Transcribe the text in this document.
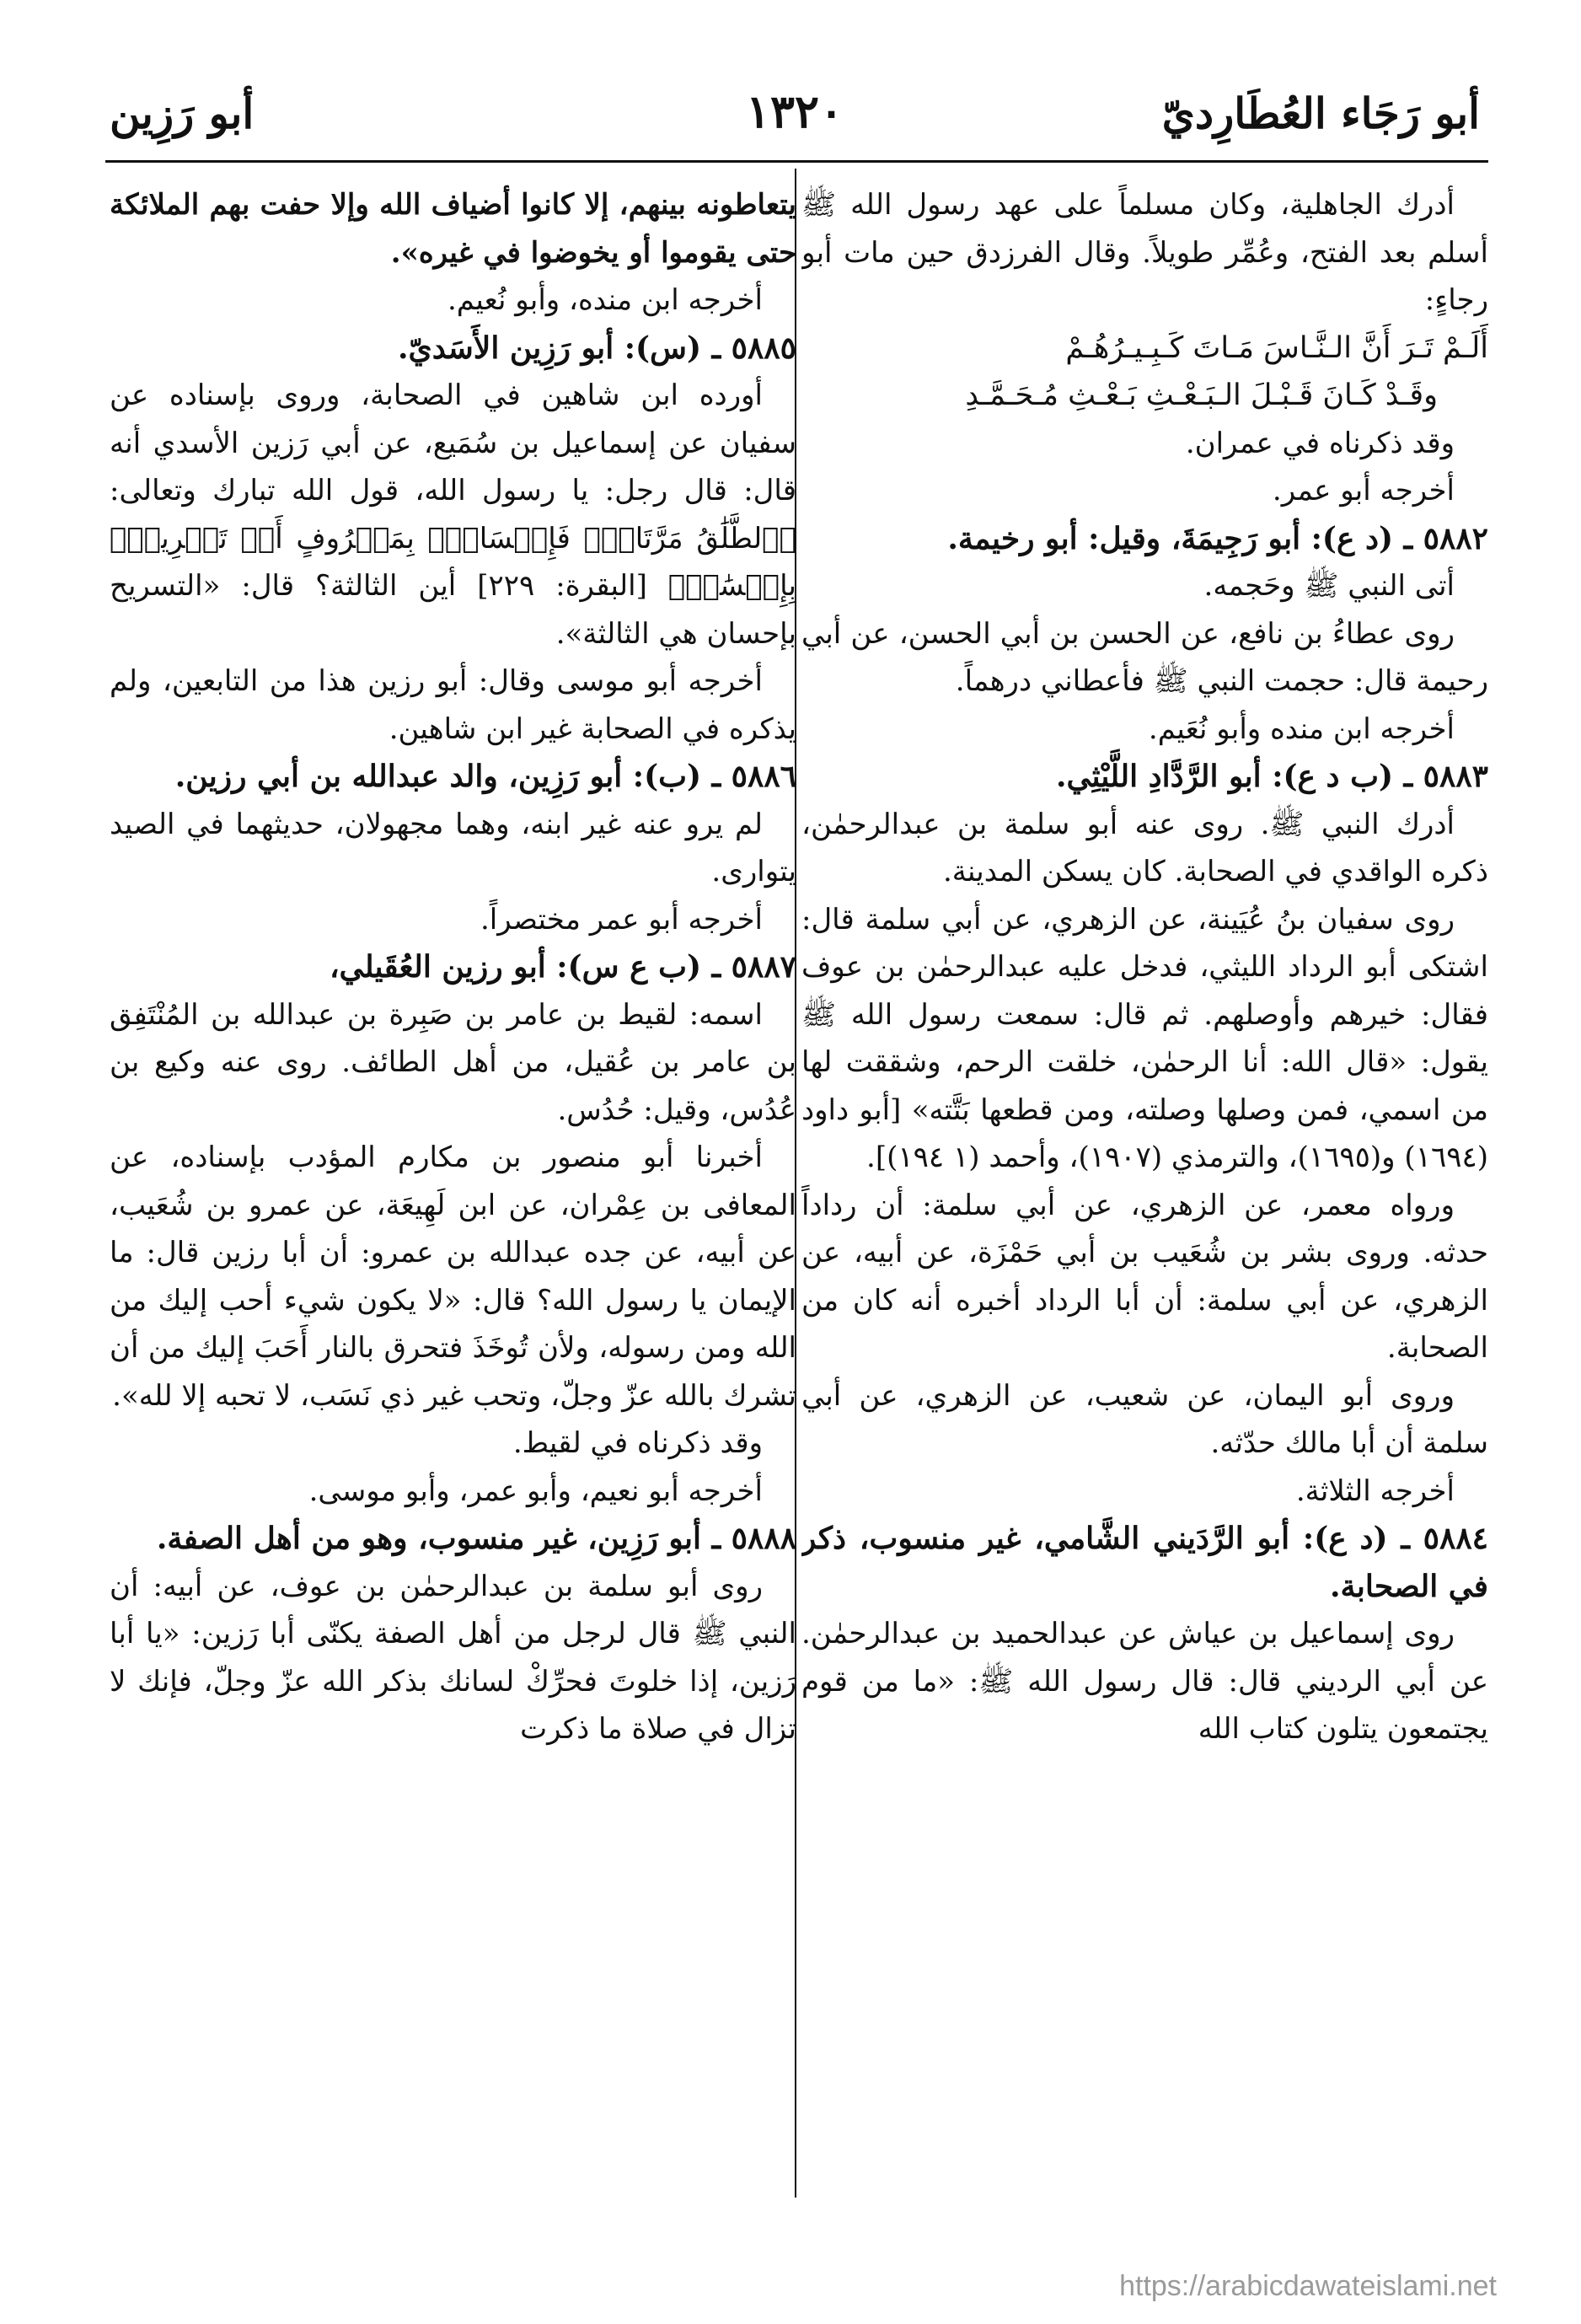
أبو رَجَاء العُطَارِديّ
١٣٢٠
أبو رَزِين

أدرك الجاهلية، وكان مسلماً على عهد رسول الله ﷺ أسلم بعد الفتح، وعُمِّر طويلاً. وقال الفرزدق حين مات أبو رجاءٍ:

أَلَـمْ تَـرَ أَنَّ الـنَّـاسَ مَـاتَ كَـبِـيـرُهُـمْ
وقَـدْ كَـانَ قَـبْـلَ الـبَـعْـثِ بَـعْـثِ مُـحَـمَّـدِ

وقد ذكرناه في عمران.

أخرجه أبو عمر.

٥٨٨٢ ـ (د ع): أبو رَجِيمَةَ، وقيل: أبو رخيمة.

أتى النبي ﷺ وحَجمه.

روى عطاءُ بن نافع، عن الحسن بن أبي الحسن، عن أبي رحيمة قال: حجمت النبي ﷺ فأعطاني درهماً.

أخرجه ابن منده وأبو نُعَيم.

٥٨٨٣ ـ (ب د ع): أبو الرَّدَّادِ اللَّيْثِي.

أدرك النبي ﷺ. روى عنه أبو سلمة بن عبدالرحمٰن، ذكره الواقدي في الصحابة. كان يسكن المدينة.

روى سفيان بنُ عُيَينة، عن الزهري، عن أبي سلمة قال: اشتكى أبو الرداد الليثي، فدخل عليه عبدالرحمٰن بن عوف فقال: خيرهم وأوصلهم. ثم قال: سمعت رسول الله ﷺ يقول: «قال الله: أنا الرحمٰن، خلقت الرحم، وشققت لها من اسمي، فمن وصلها وصلته، ومن قطعها بَتَّته» [أبو داود (١٦٩٤) و(١٦٩٥)، والترمذي (١٩٠٧)، وأحمد (١ ١٩٤)].

ورواه معمر، عن الزهري، عن أبي سلمة: أن رداداً حدثه. وروى بشر بن شُعَيب بن أبي حَمْزَة، عن أبيه، عن الزهري، عن أبي سلمة: أن أبا الرداد أخبره أنه كان من الصحابة.

وروى أبو اليمان، عن شعيب، عن الزهري، عن أبي سلمة أن أبا مالك حدّثه.

أخرجه الثلاثة.

٥٨٨٤ ـ (د ع): أبو الرَّدَيني الشَّامي، غير منسوب، ذكر في الصحابة.

روى إسماعيل بن عياش عن عبدالحميد بن عبدالرحمٰن. عن أبي الرديني قال: قال رسول الله ﷺ: «ما من قوم يجتمعون يتلون كتاب الله

يتعاطونه بينهم، إلا كانوا أضياف الله وإلا حفت بهم الملائكة حتى يقوموا أو يخوضوا في غيره».

أخرجه ابن منده، وأبو نُعيم.

٥٨٨٥ ـ (س): أبو رَزِين الأَسَديّ.

أورده ابن شاهين في الصحابة، وروى بإسناده عن سفيان عن إسماعيل بن سُمَيع، عن أبي رَزين الأسدي أنه قال: قال رجل: يا رسول الله، قول الله تبارك وتعالى: ﴿ٱلطَّلَٰقُ مَرَّتَانِۖ فَإِمۡسَاكُۢ بِمَعۡرُوفٍ أَوۡ تَسۡرِيحُۢ بِإِحۡسَٰنٖ﴾ [البقرة: ٢٢٩] أين الثالثة؟ قال: «التسريح بإحسان هي الثالثة».

أخرجه أبو موسى وقال: أبو رزين هذا من التابعين، ولم يذكره في الصحابة غير ابن شاهين.

٥٨٨٦ ـ (ب): أبو رَزِين، والد عبدالله بن أبي رزين.

لم يرو عنه غير ابنه، وهما مجهولان، حديثهما في الصيد يتوارى.

أخرجه أبو عمر مختصراً.

٥٨٨٧ ـ (ب ع س): أبو رزين العُقَيلي،

اسمه: لقيط بن عامر بن صَبِرة بن عبدالله بن المُنْتَفِق بن عامر بن عُقيل، من أهل الطائف. روى عنه وكيع بن عُدُس، وقيل: حُدُس.

أخبرنا أبو منصور بن مكارم المؤدب بإسناده، عن المعافى بن عِمْران، عن ابن لَهِيعَة، عن عمرو بن شُعَيب، عن أبيه، عن جده عبدالله بن عمرو: أن أبا رزين قال: ما الإيمان يا رسول الله؟ قال: «لا يكون شيء أحب إليك من الله ومن رسوله، ولأن تُوخَذَ فتحرق بالنار أَحَبَ إليك من أن تشرك بالله عزّ وجلّ، وتحب غير ذي نَسَب، لا تحبه إلا لله».

وقد ذكرناه في لقيط.

أخرجه أبو نعيم، وأبو عمر، وأبو موسى.

٥٨٨٨ ـ أبو رَزِين، غير منسوب، وهو من أهل الصفة.

روى أبو سلمة بن عبدالرحمٰن بن عوف، عن أبيه: أن النبي ﷺ قال لرجل من أهل الصفة يكنّى أبا رَزين: «يا أبا رَزين، إذا خلوتَ فحرِّكْ لسانك بذكر الله عزّ وجلّ، فإنك لا تزال في صلاة ما ذكرت

https://arabicdawateislami.net
